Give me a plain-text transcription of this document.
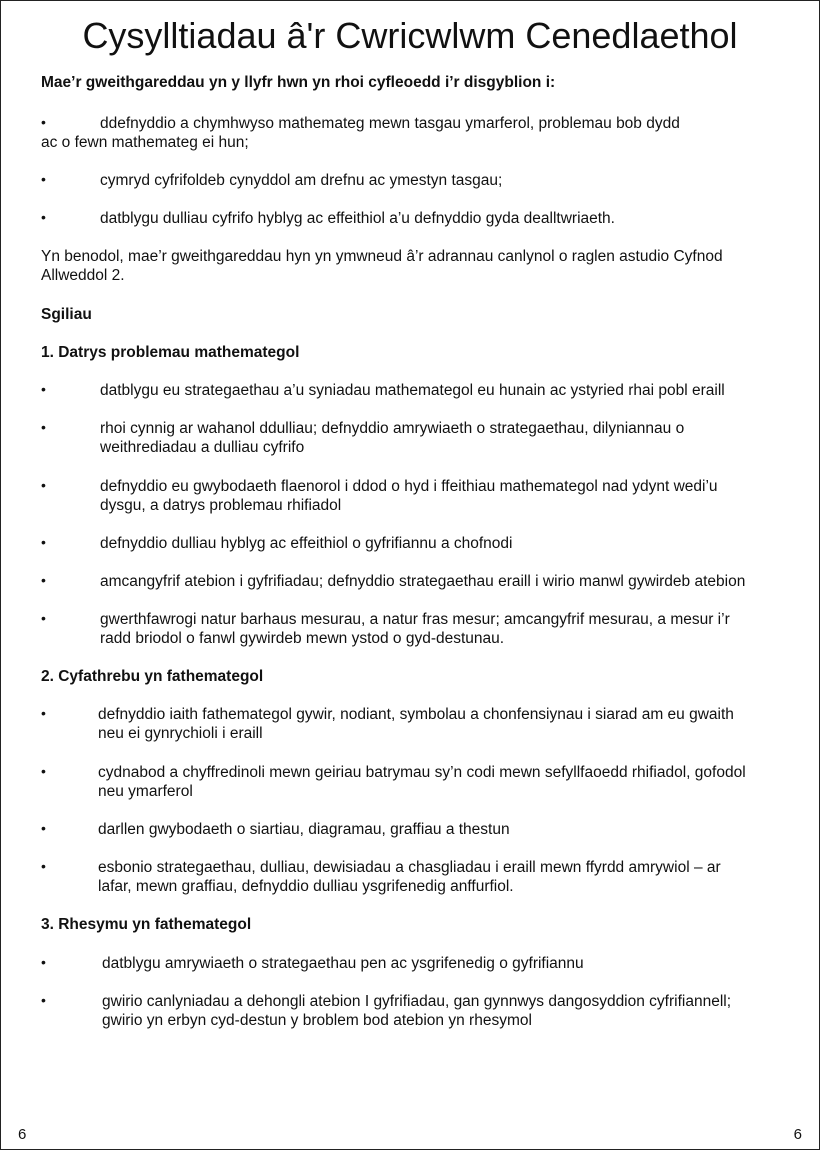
Cysylltiadau â'r Cwricwlwm Cenedlaethol

Mae’r gweithgareddau yn y llyfr hwn yn rhoi cyfleoedd i’r disgyblion i:

•	ddefnyddio a chymhwyso mathemateg mewn tasgau ymarferol, problemau bob dydd

ac o fewn mathemateg ei hun;

•	cymryd cyfrifoldeb cynyddol am drefnu ac ymestyn tasgau;

•	datblygu dulliau cyfrifo hyblyg ac effeithiol a’u defnyddio gyda dealltwriaeth.

Yn benodol, mae’r gweithgareddau hyn yn ymwneud â’r adrannau canlynol o raglen astudio Cyfnod

Allweddol 2.

Sgiliau

1. Datrys problemau mathemategol

•	datblygu eu strategaethau a’u syniadau mathemategol eu hunain ac ystyried rhai pobl eraill

•	rhoi cynnig ar wahanol ddulliau; defnyddio amrywiaeth o strategaethau, dilyniannau o

weithrediadau a dulliau cyfrifo

•	defnyddio eu gwybodaeth flaenorol i ddod o hyd i ffeithiau mathemategol nad ydynt wedi’u

dysgu, a datrys problemau rhifiadol

•	defnyddio dulliau hyblyg ac effeithiol o gyfrifiannu a chofnodi

•	amcangyfrif atebion i gyfrifiadau; defnyddio strategaethau eraill i wirio manwl gywirdeb atebion

•	gwerthfawrogi natur barhaus mesurau, a natur fras mesur; amcangyfrif mesurau, a mesur i’r

radd briodol o fanwl gywirdeb mewn ystod o gyd-destunau.

2. Cyfathrebu yn fathemategol

•	defnyddio iaith fathemategol gywir, nodiant, symbolau a chonfensiynau i siarad am eu gwaith

neu ei gynrychioli i eraill

•	cydnabod a chyffredinoli mewn geiriau batrymau sy’n codi mewn sefyllfaoedd rhifiadol, gofodol

neu ymarferol

•	darllen gwybodaeth o siartiau, diagramau, graffiau a thestun

•	esbonio strategaethau, dulliau, dewisiadau a chasgliadau i eraill mewn ffyrdd amrywiol – ar

lafar, mewn graffiau, defnyddio dulliau ysgrifenedig anffurfiol.

3. Rhesymu yn fathemategol

•	datblygu amrywiaeth o strategaethau pen ac ysgrifenedig o gyfrifiannu

•	gwirio canlyniadau a dehongli atebion I gyfrifiadau, gan gynnwys dangosyddion cyfrifiannell;

gwirio yn erbyn cyd-destun y broblem bod atebion yn rhesymol

6	6
